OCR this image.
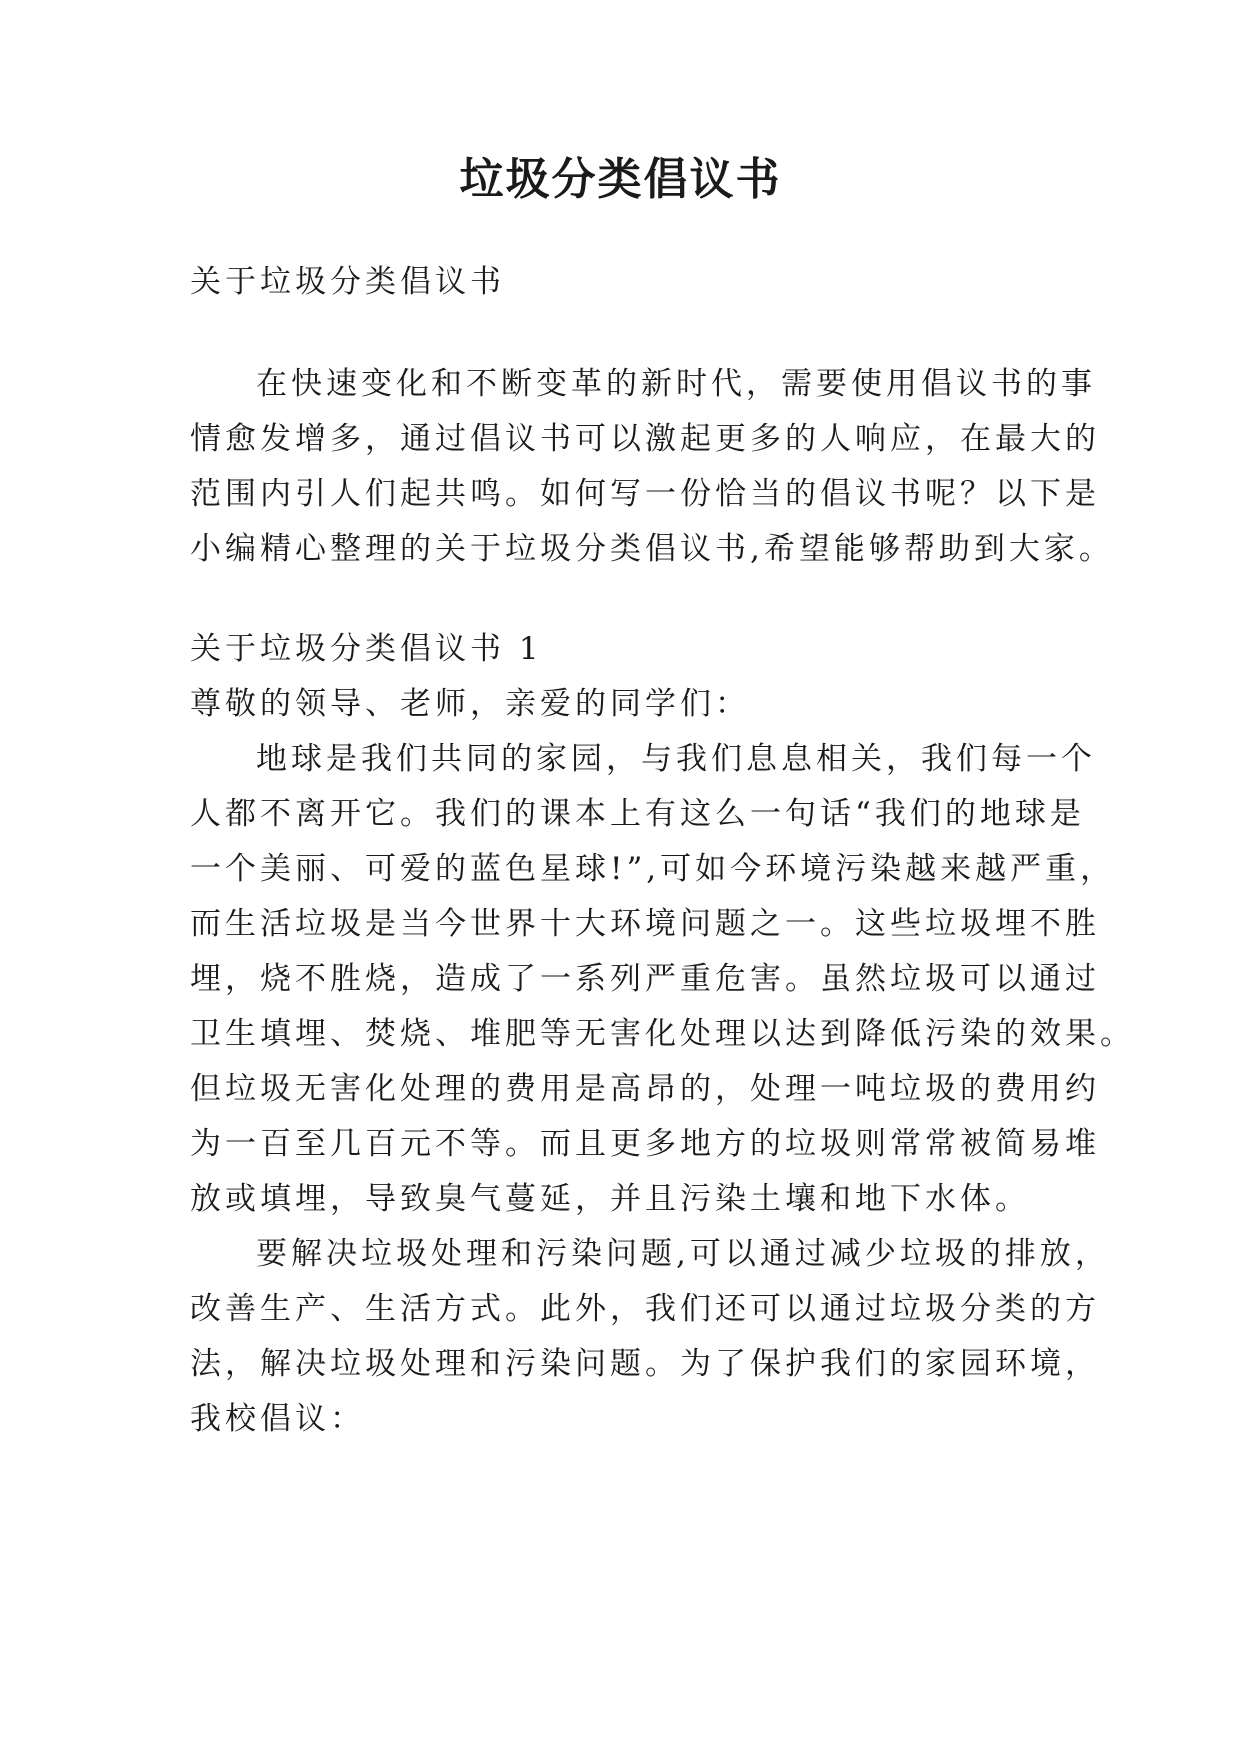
垃圾分类倡议书
关于垃圾分类倡议书
在快速变化和不断变革的新时代，需要使用倡议书的事
情愈发增多，通过倡议书可以激起更多的人响应，在最大的
范围内引人们起共鸣。如何写一份恰当的倡议书呢？以下是
小编精心整理的关于垃圾分类倡议书,希望能够帮助到大家。
关于垃圾分类倡议书 1
尊敬的领导、老师，亲爱的同学们：
地球是我们共同的家园，与我们息息相关，我们每一个
人都不离开它。我们的课本上有这么一句话“我们的地球是
一个美丽、可爱的蓝色星球!”,可如今环境污染越来越严重，
而生活垃圾是当今世界十大环境问题之一。这些垃圾埋不胜
埋，烧不胜烧，造成了一系列严重危害。虽然垃圾可以通过
卫生填埋、焚烧、堆肥等无害化处理以达到降低污染的效果。
但垃圾无害化处理的费用是高昂的，处理一吨垃圾的费用约
为一百至几百元不等。而且更多地方的垃圾则常常被简易堆
放或填埋，导致臭气蔓延，并且污染土壤和地下水体。
要解决垃圾处理和污染问题,可以通过减少垃圾的排放，
改善生产、生活方式。此外，我们还可以通过垃圾分类的方
法，解决垃圾处理和污染问题。为了保护我们的家园环境，
我校倡议：
